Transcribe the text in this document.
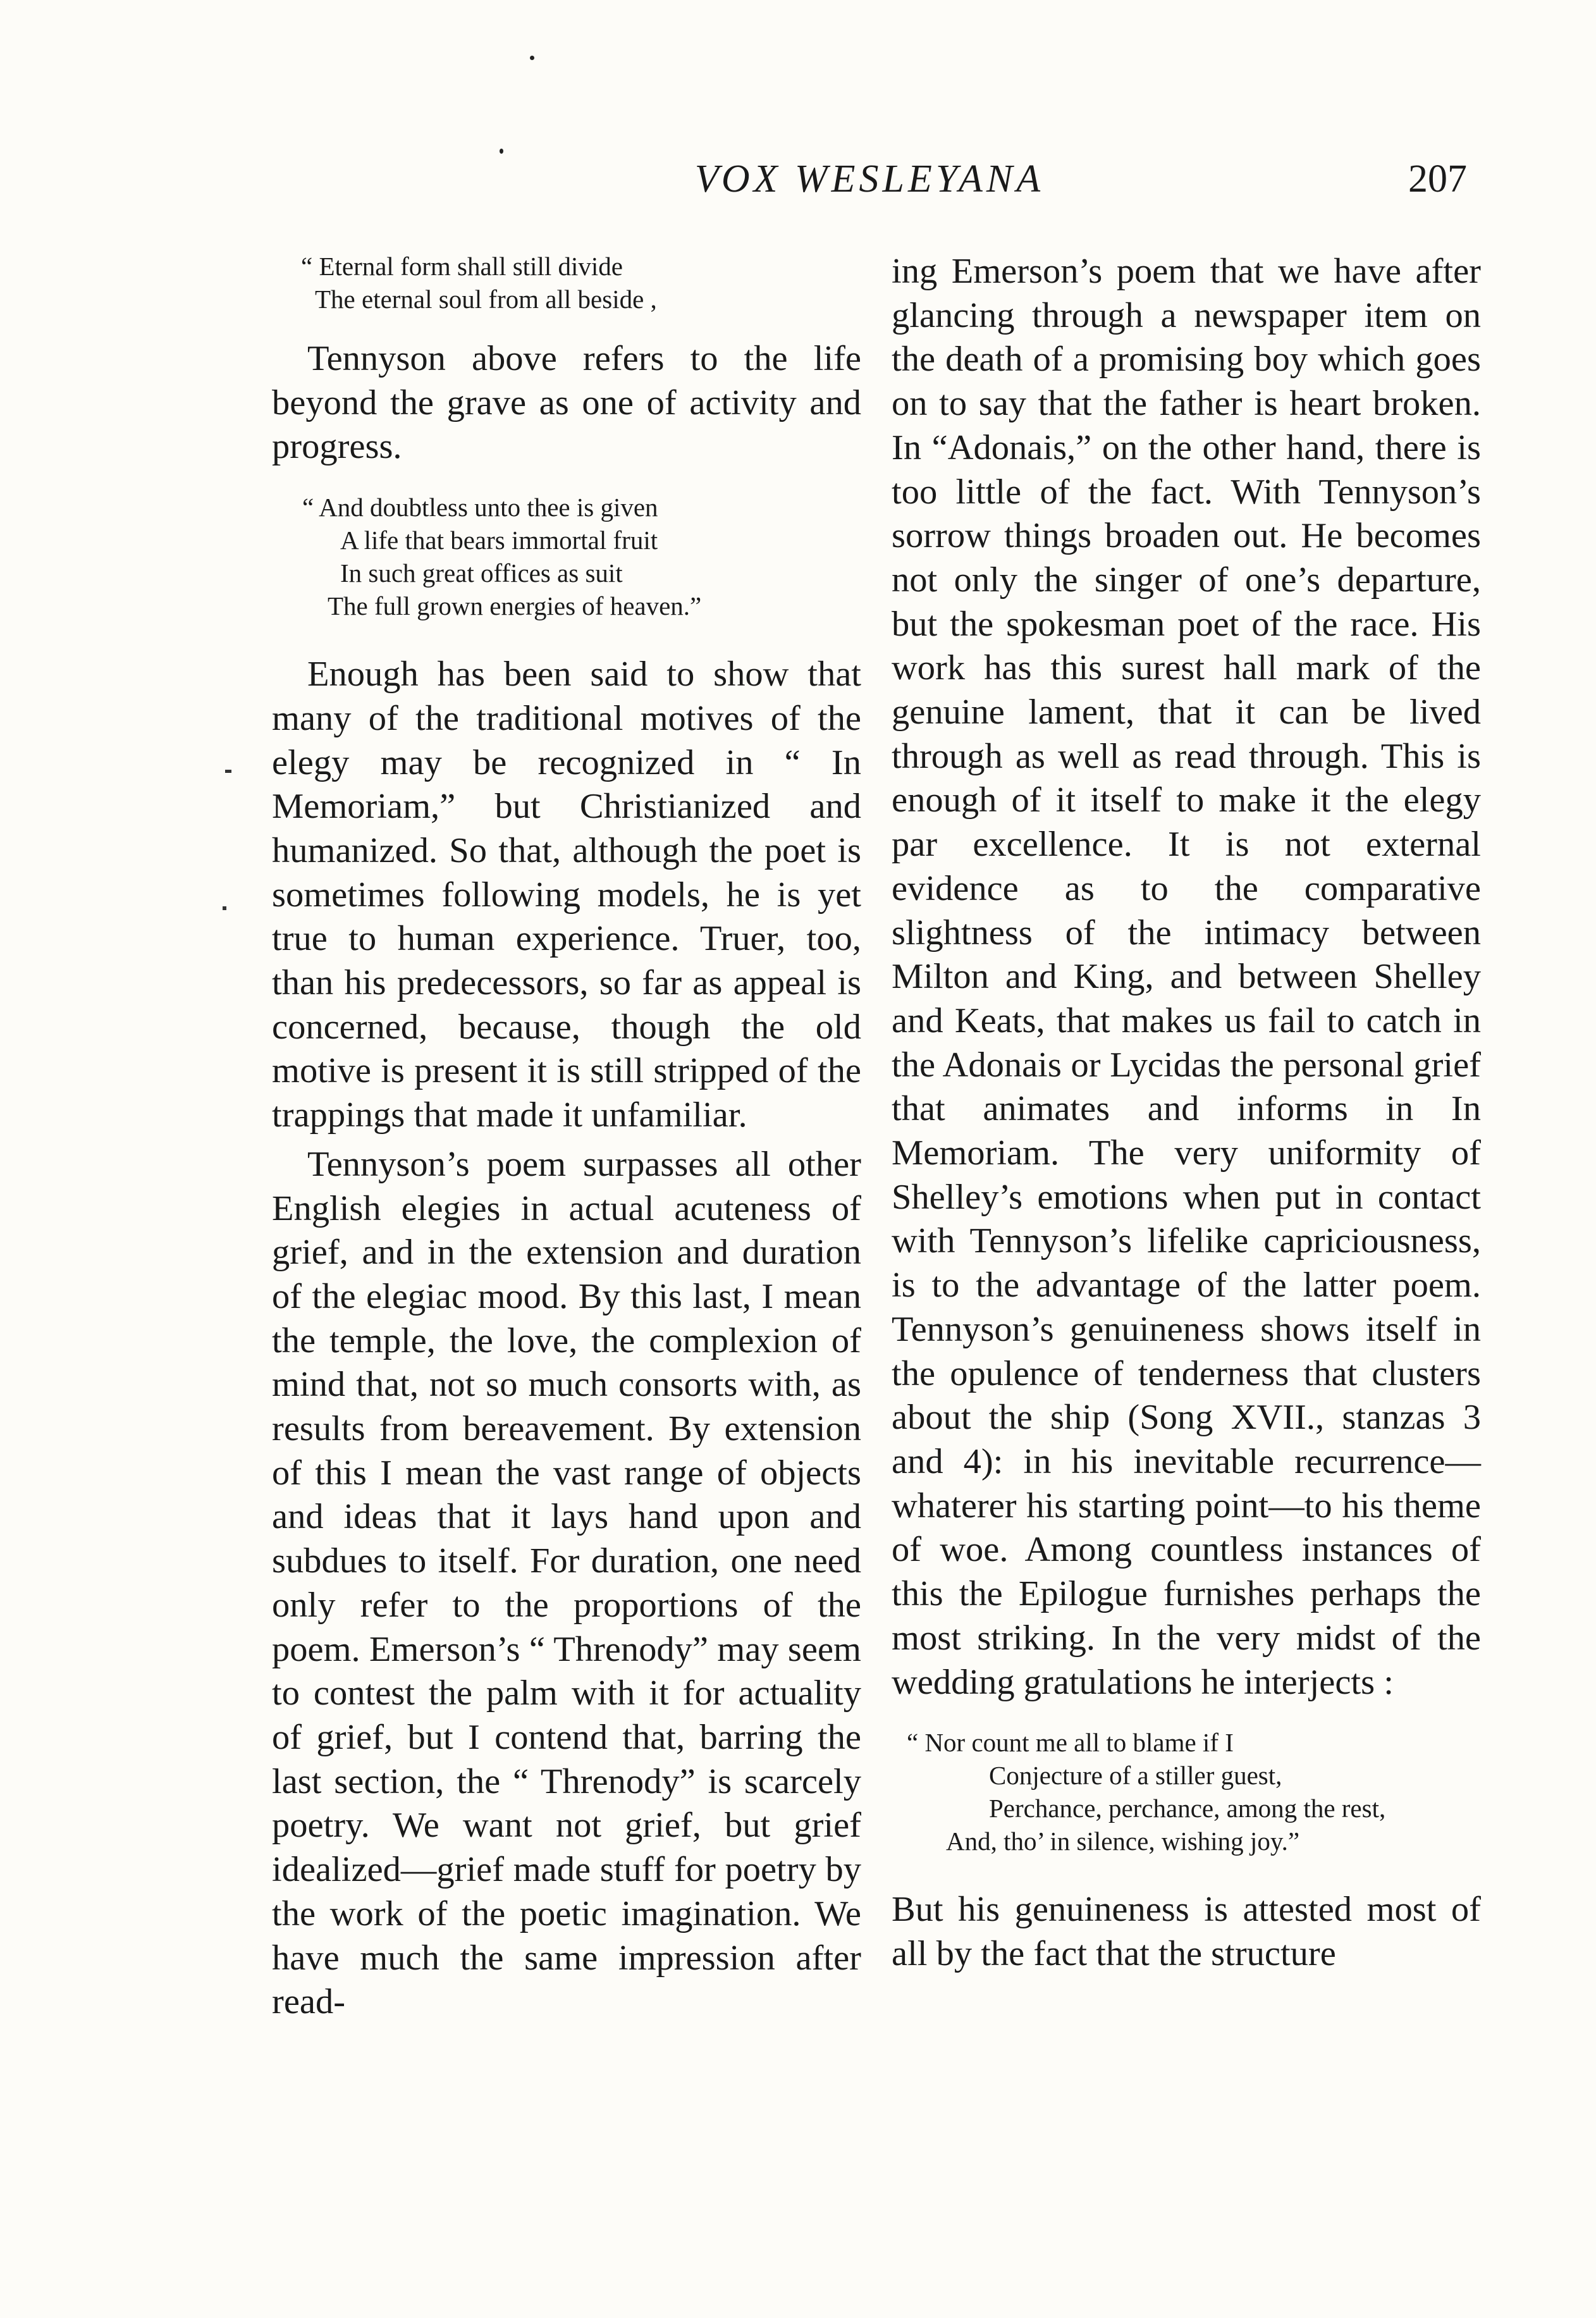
VOX WESLEYANA	207
“ Eternal form shall still divide
The eternal soul from all beside ,

Tennyson above refers to the life beyond the grave as one of activity and progress.

“ And doubtless unto thee is given
A life that bears immortal fruit
In such great offices as suit
The full grown energies of heaven.”

Enough has been said to show that many of the traditional motives of the elegy may be recognized in “ In Memoriam,” but Christianized and humanized. So that, although the poet is sometimes following models, he is yet true to human experience. Truer, too, than his predecessors, so far as appeal is concerned, because, though the old motive is present it is still stripped of the trappings that made it unfamiliar.

Tennyson’s poem surpasses all other English elegies in actual acuteness of grief, and in the extension and duration of the elegiac mood. By this last, I mean the temple, the love, the complexion of mind that, not so much consorts with, as results from bereavement. By extension of this I mean the vast range of objects and ideas that it lays hand upon and subdues to itself. For duration, one need only refer to the proportions of the poem. Emerson’s “ Threnody” may seem to contest the palm with it for actuality of grief, but I contend that, barring the last section, the “ Threnody” is scarcely poetry. We want not grief, but grief idealized—grief made stuff for poetry by the work of the poetic imagination. We have much the same impression after read-

ing Emerson’s poem that we have after glancing through a newspaper item on the death of a promising boy which goes on to say that the father is heart broken. In “Adonais,” on the other hand, there is too little of the fact. With Tennyson’s sorrow things broaden out. He becomes not only the singer of one’s departure, but the spokesman poet of the race. His work has this surest hall mark of the genuine lament, that it can be lived through as well as read through. This is enough of it itself to make it the elegy par excellence. It is not external evidence as to the comparative slightness of the intimacy between Milton and King, and between Shelley and Keats, that makes us fail to catch in the Adonais or Lycidas the personal grief that animates and informs in In Memoriam. The very uniformity of Shelley’s emotions when put in contact with Tennyson’s lifelike capriciousness, is to the advantage of the latter poem. Tennyson’s genuineness shows itself in the opulence of tenderness that clusters about the ship (Song XVII., stanzas 3 and 4): in his inevitable recurrence—whaterer his starting point—to his theme of woe. Among countless instances of this the Epilogue furnishes perhaps the most striking. In the very midst of the wedding gratulations he interjects :

“ Nor count me all to blame if I
Conjecture of a stiller guest,
Perchance, perchance, among the rest,
And, tho’ in silence, wishing joy.”

But his genuineness is attested most of all by the fact that the structure
